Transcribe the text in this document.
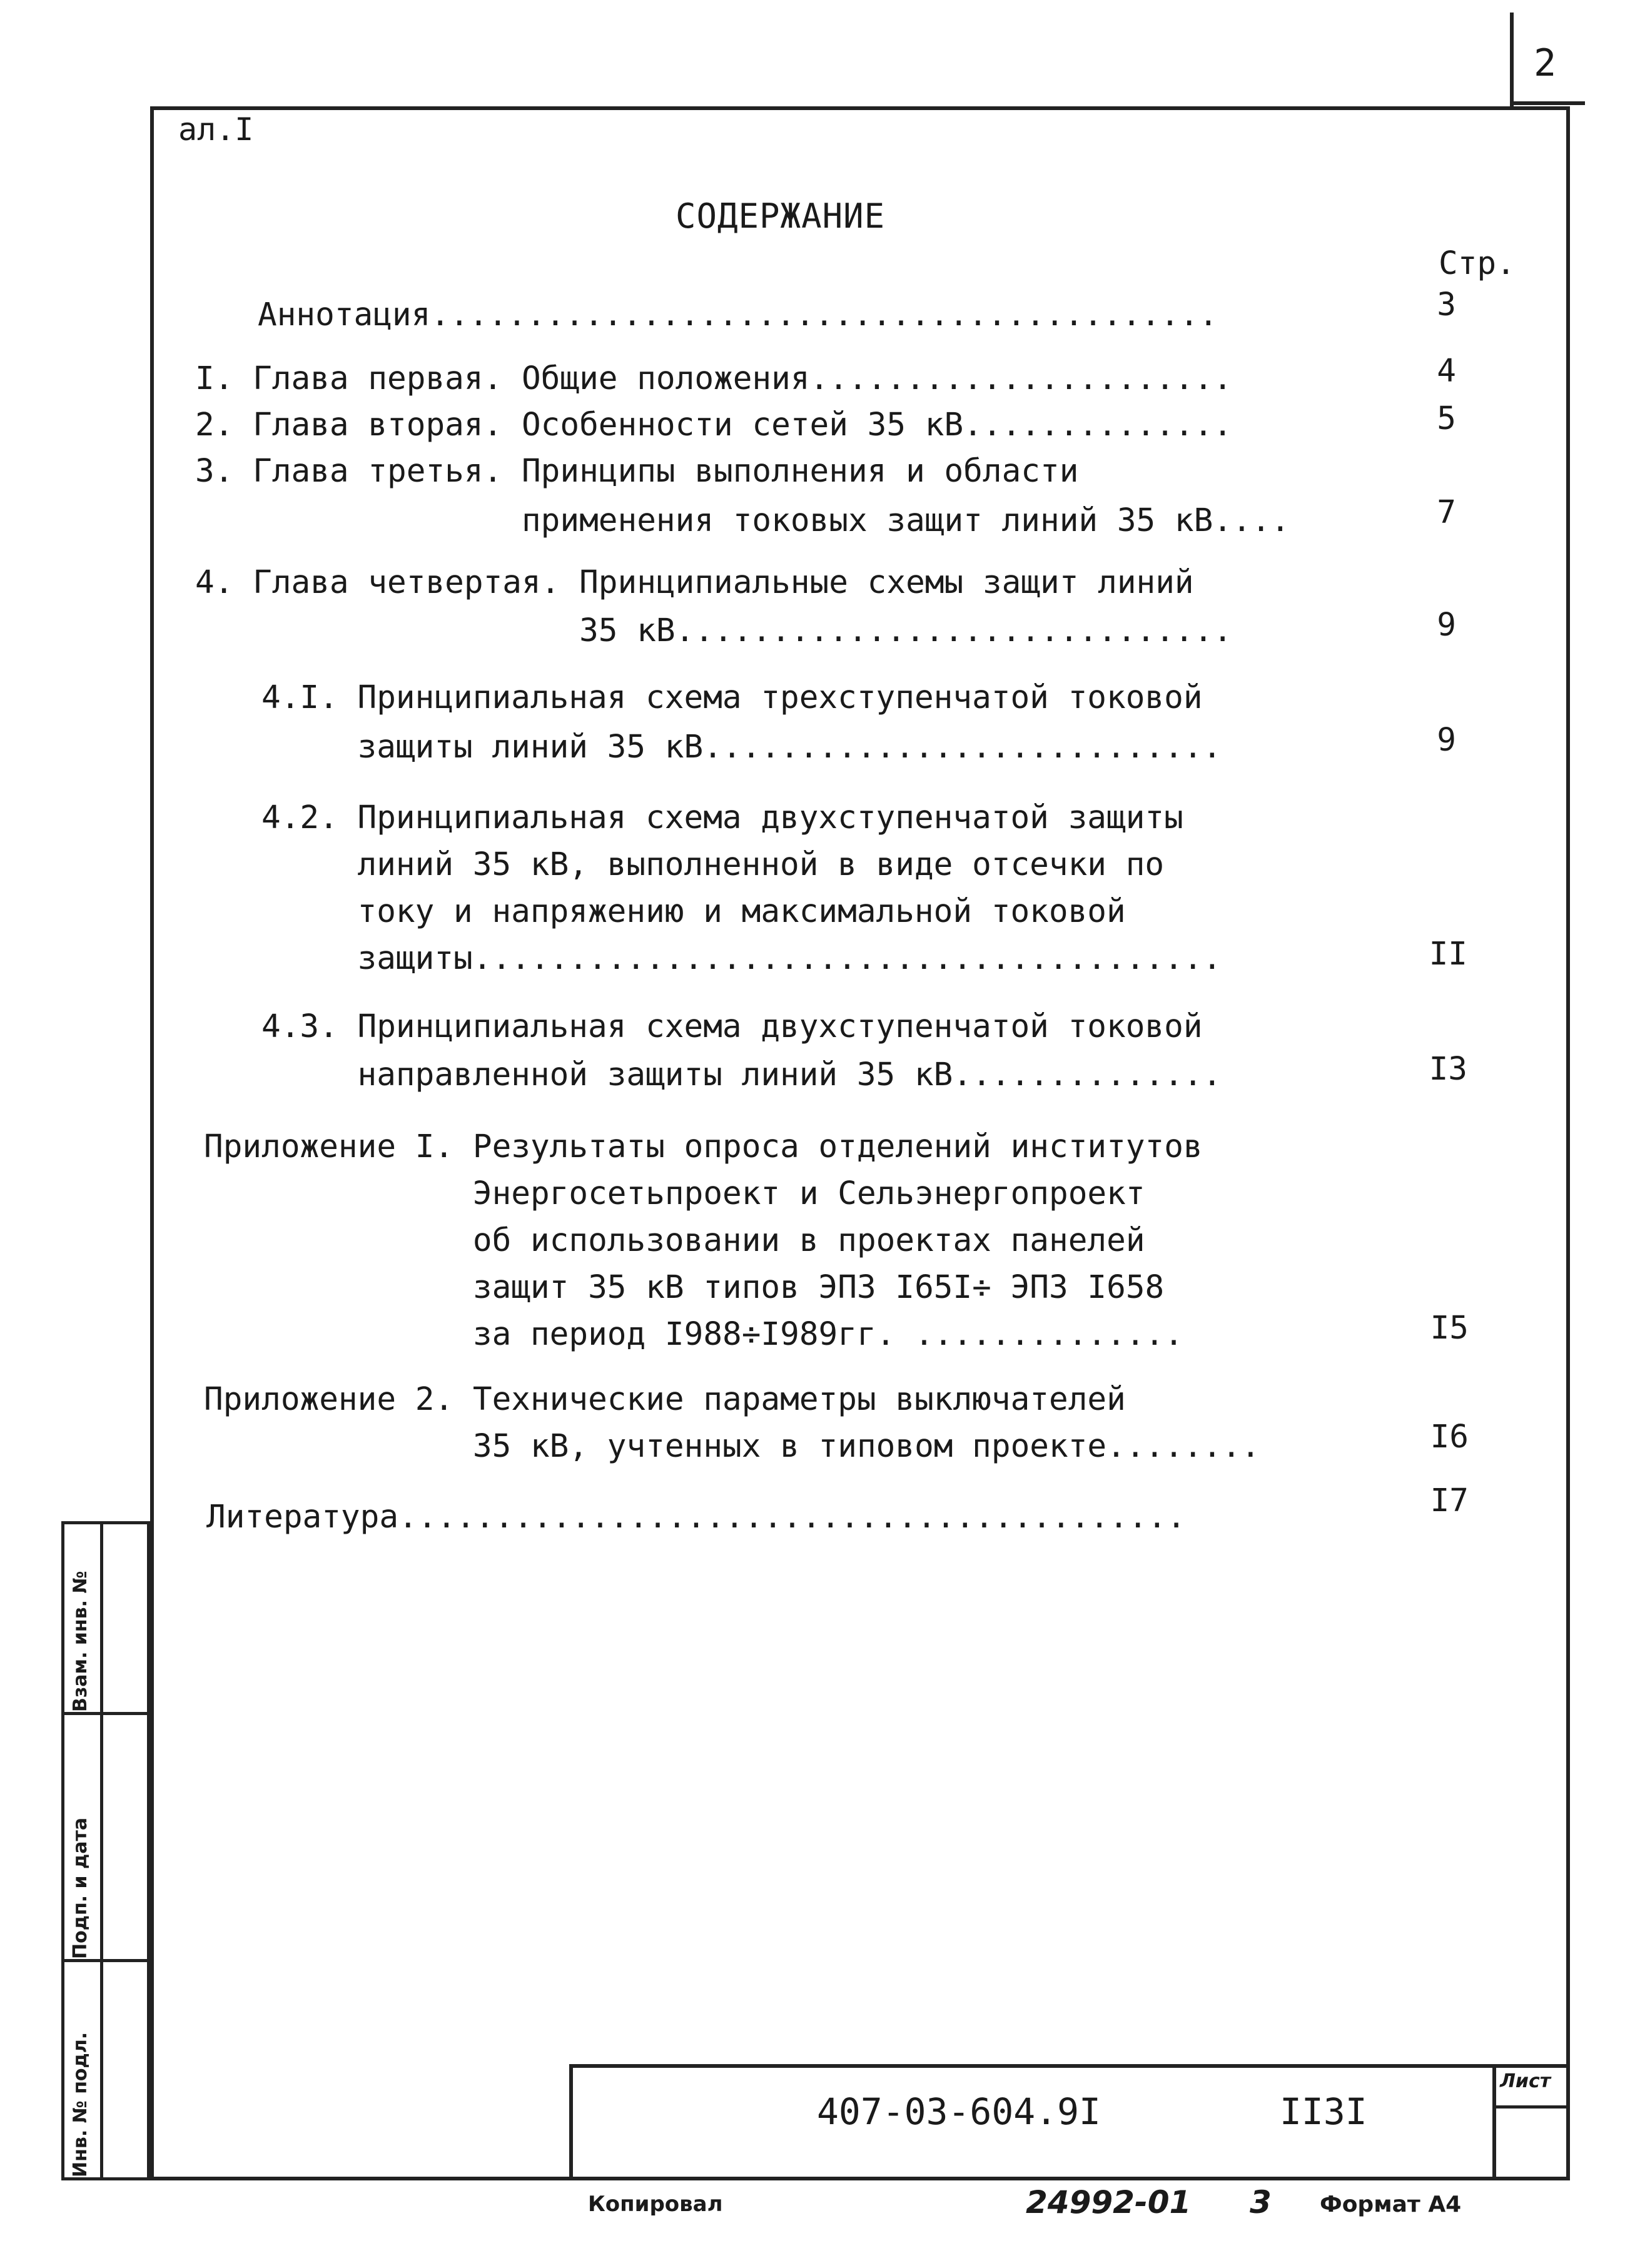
2
ал.I
СОДЕРЖАНИЕ
Стр.
Аннотация.........................................	3
I. Глава первая. Общие положения......................	4
2. Глава вторая. Особенности сетей 35 кВ..............	5
3. Глава третья. Принципы выполнения и области
применения токовых защит линий 35 кВ....	7
4. Глава четвертая. Принципиальные схемы защит линий
35 кВ.............................	9
4.I. Принципиальная схема трехступенчатой токовой
защиты линий 35 кВ...........................	9
4.2. Принципиальная схема двухступенчатой защиты
линий 35 кВ, выполненной в виде отсечки по
току и напряжению и максимальной токовой
защиты.......................................	II
4.3. Принципиальная схема двухступенчатой токовой
направленной защиты линий 35 кВ..............	I3
Приложение I. Результаты опроса отделений институтов
Энергосетьпроект и Сельэнергопроект
об использовании в проектах панелей
защит 35 кВ типов ЭПЗ I65I÷ ЭПЗ I658
за период I988÷I989гг. ..............	I5
Приложение 2. Технические параметры выключателей
35 кВ, учтенных в типовом проекте........	I6
Литература.........................................	I7
Взам. инв. №
Подп. и дата
Инв. № подл.	407-03-604.9I	IIЗI
Лист
Копировал	24992-01 3 Формат А4
